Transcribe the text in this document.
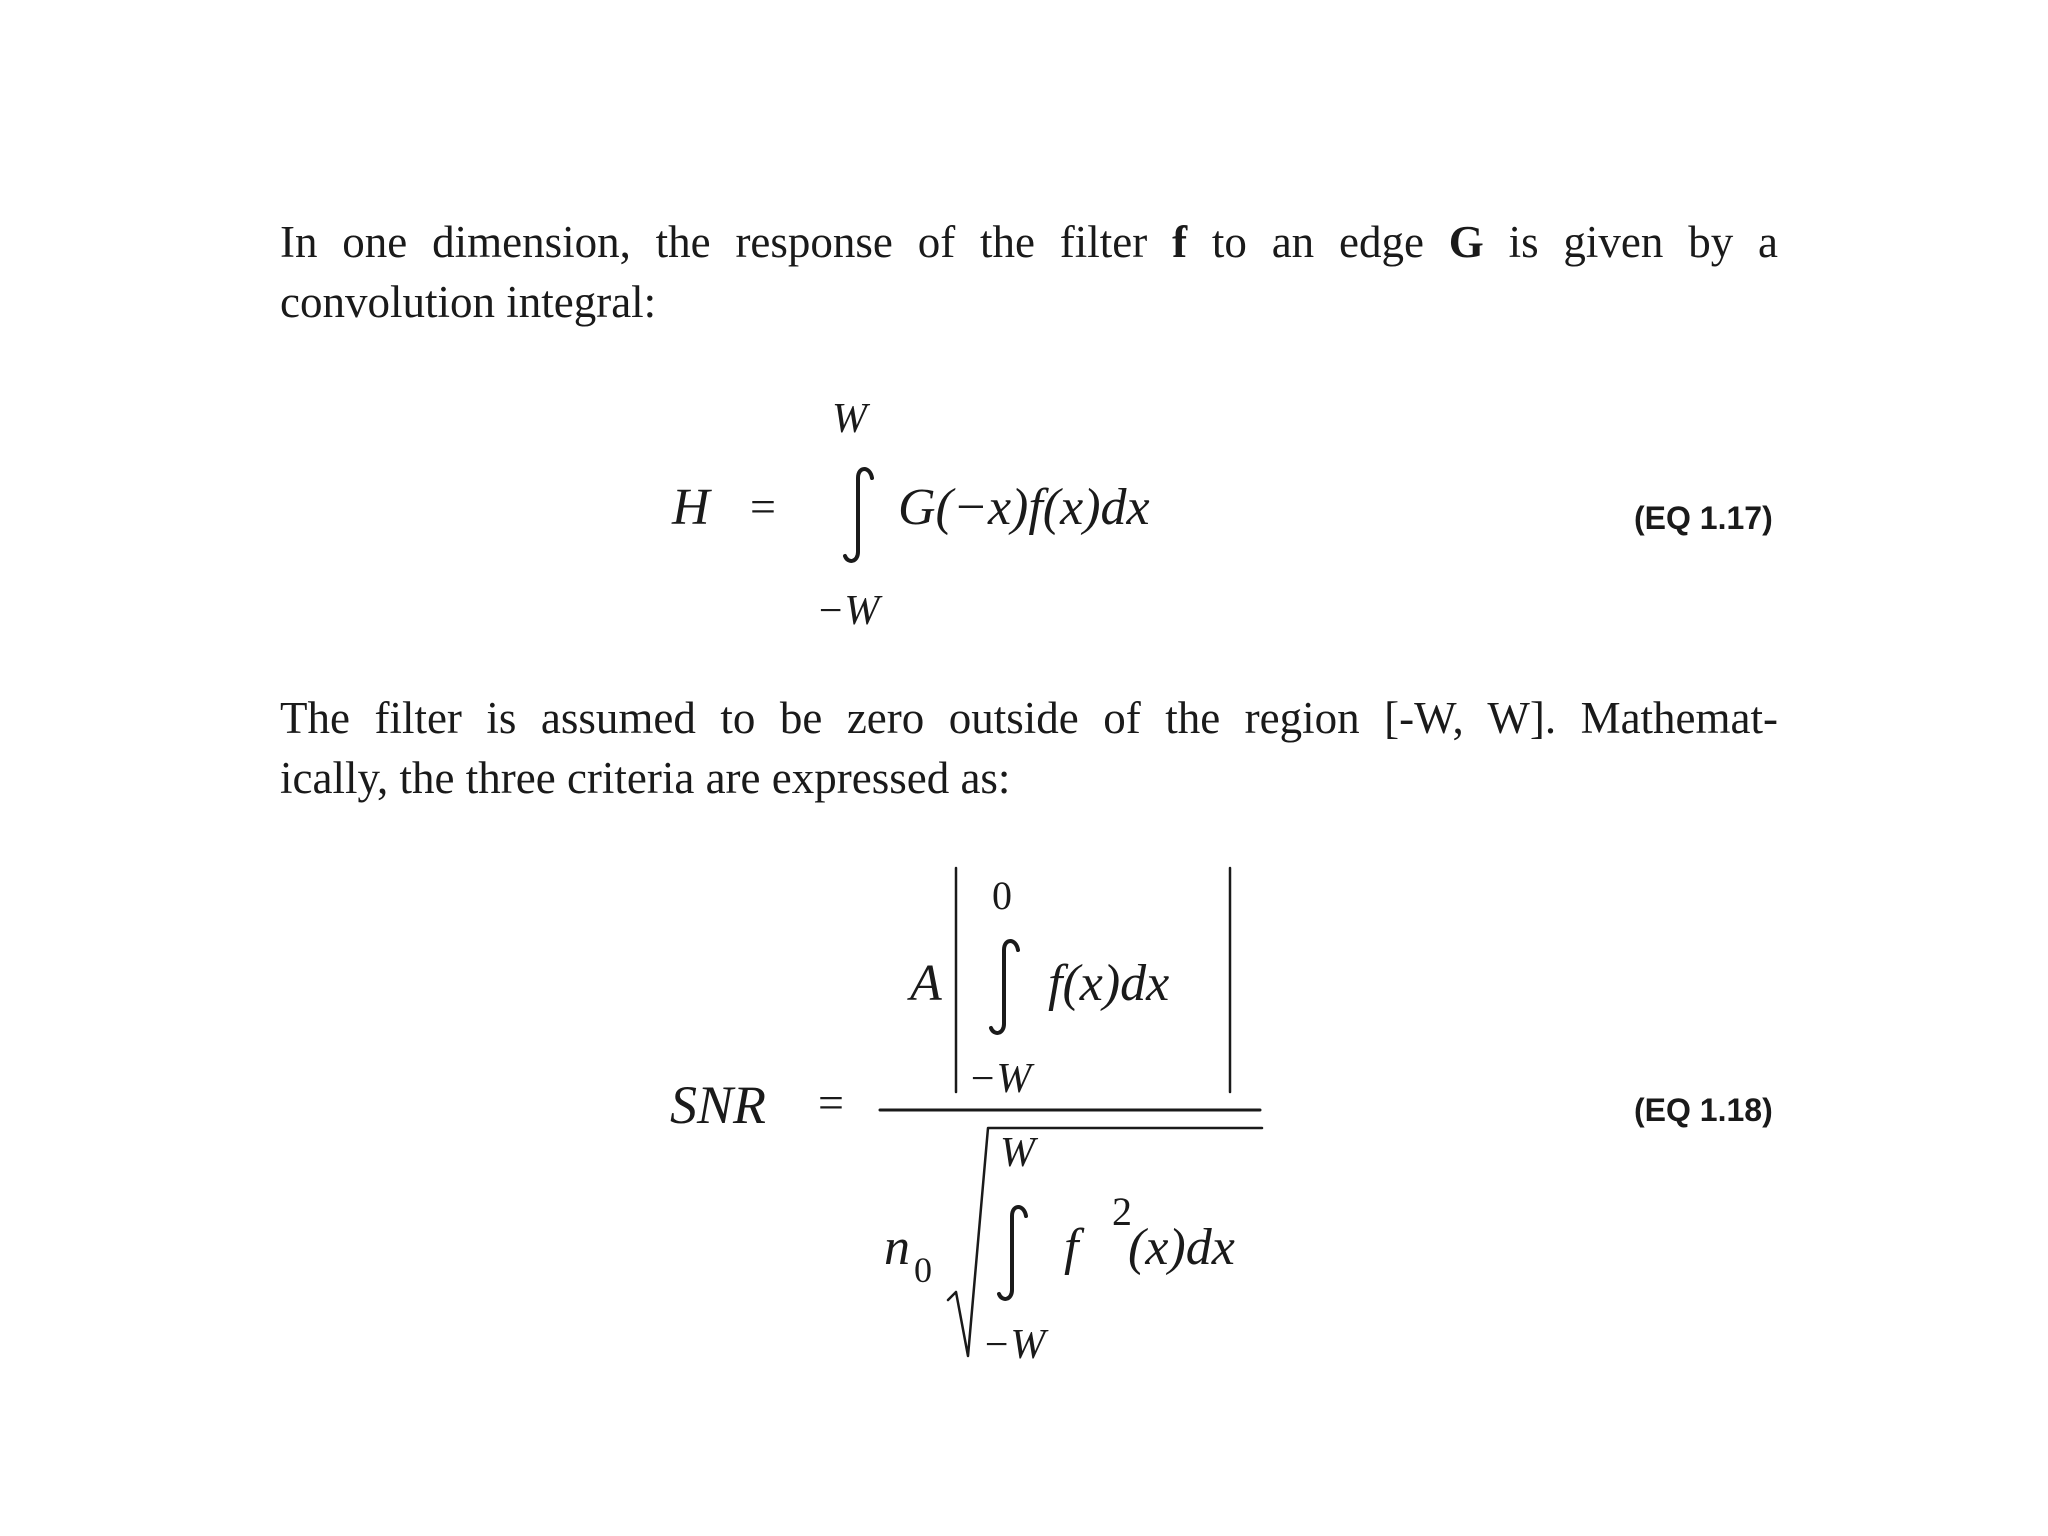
In one dimension, the response of the filter f to an edge G is given by a
convolution integral:
H =
W
−W
G(−x)f(x)dx	(EQ 1.17)
The filter is assumed to be zero outside of the region [-W, W]. Mathemat-
ically, the three criteria are expressed as:
SNR =
A
0
−W
f(x)dx
n 0
W
−W
f
2
(x)dx
(EQ 1.18)
